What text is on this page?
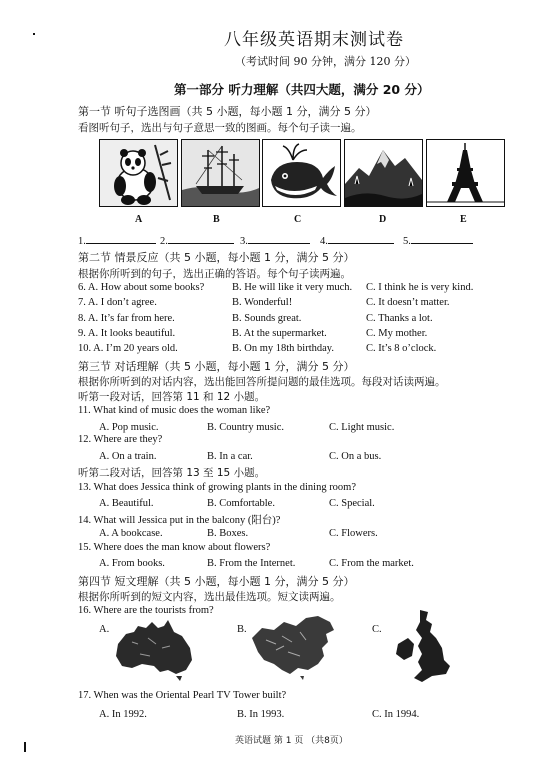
八年级英语期末测试卷
（考试时间 90 分钟，满分 120 分）
第一部分 听力理解（共四大题，满分 20 分）
第一节 听句子选图画（共 5 小题，每小题 1 分，满分 5 分）
看图听句子，选出与句子意思一致的图画。每个句子读一遍。
A	B	C	D	E
1.	2.	3.	4.	5.
第二节 情景反应（共 5 小题，每小题 1 分，满分 5 分）
根据你所听到的句子，选出正确的答语。每个句子读两遍。
6. A. How about some books?	B. He will like it very much. C. I think he is very kind.
7. A. I don’t agree.	B. Wonderful!	C. It doesn’t matter.
8. A. It’s far from here.	B. Sounds great.	C. Thanks a lot.
9. A. It looks beautiful.	B. At the supermarket.	C. My mother.
10. A. I’m 20 years old.	B. On my 18th birthday.	C. It’s 8 o’clock.
第三节 对话理解（共 5 小题，每小题 1 分，满分 5 分）
根据你所听到的对话内容，选出能回答所提问题的最佳选项。每段对话读两遍。
听第一段对话，回答第 11 和 12 小题。
11. What kind of music does the woman like?
A. Pop music.	B. Country music.	C. Light music.
12. Where are they?
A. On a train.	B. In a car.	C. On a bus.
听第二段对话，回答第 13 至 15 小题。
13. What does Jessica think of growing plants in the dining room?
A. Beautiful.	B. Comfortable.	C. Special.
14. What will Jessica put in the balcony (阳台)?
A. A bookcase.	B. Boxes.	C. Flowers.
15. Where does the man know about flowers?
A. From books.	B. From the Internet.	C. From the market.
第四节 短文理解（共 5 小题，每小题 1 分，满分 5 分）
根据你所听到的短文内容，选出最佳选项。短文读两遍。
16. Where are the tourists from?
A.	B.	C.
17. When was the Oriental Pearl TV Tower built?
A. In 1992.	B. In 1993.	C. In 1994.
英语试题 第 1 页 （共8页）
